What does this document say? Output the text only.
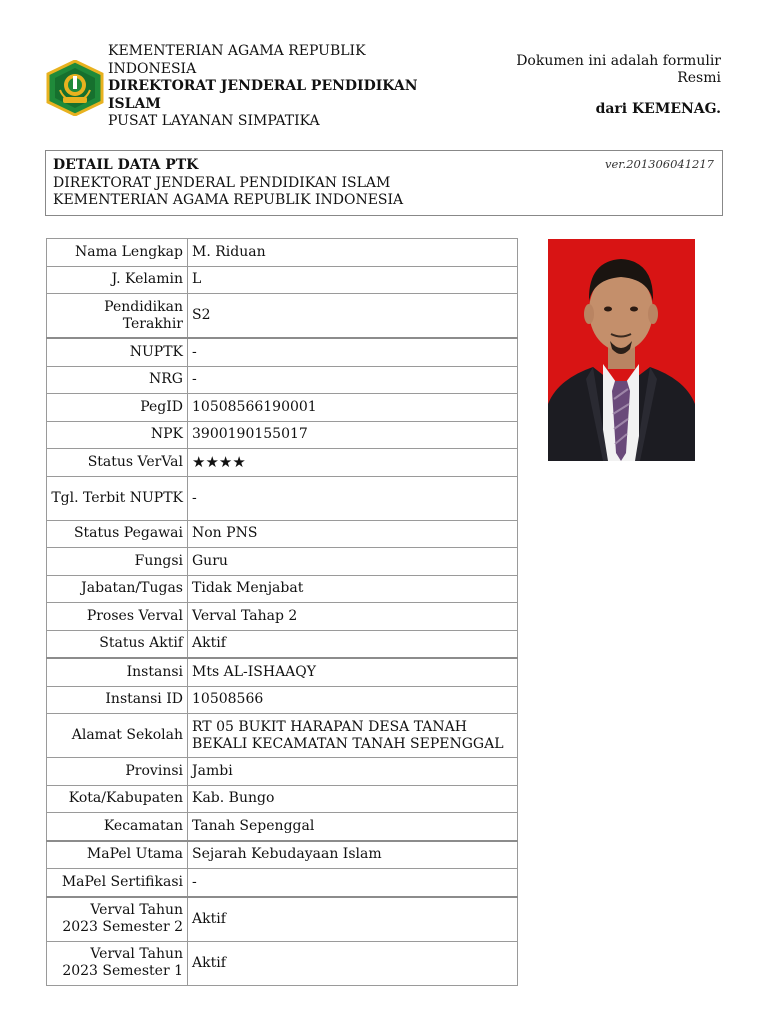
KEMENTERIAN AGAMA REPUBLIK INDONESIA
DIREKTORAT JENDERAL PENDIDIKAN ISLAM
PUSAT LAYANAN SIMPATIKA
Dokumen ini adalah formulir Resmi
dari KEMENAG.
DETAIL DATA PTK
DIREKTORAT JENDERAL PENDIDIKAN ISLAM
KEMENTERIAN AGAMA REPUBLIK INDONESIA
ver.201306041217
Nama Lengkap	M. Riduan
J. Kelamin	L
Pendidikan Terakhir	S2
NUPTK	-
NRG	-
PegID	10508566190001
NPK	3900190155017
Status VerVal	★★★★
Tgl. Terbit NUPTK	-
Status Pegawai	Non PNS
Fungsi	Guru
Jabatan/Tugas	Tidak Menjabat
Proses Verval	Verval Tahap 2
Status Aktif	Aktif
Instansi	Mts AL-ISHAAQY
Instansi ID	10508566
Alamat Sekolah	RT 05 BUKIT HARAPAN DESA TANAH BEKALI KECAMATAN TANAH SEPENGGAL
Provinsi	Jambi
Kota/Kabupaten	Kab. Bungo
Kecamatan	Tanah Sepenggal
MaPel Utama	Sejarah Kebudayaan Islam
MaPel Sertifikasi	-
Verval Tahun 2023 Semester 2	Aktif
Verval Tahun 2023 Semester 1	Aktif
